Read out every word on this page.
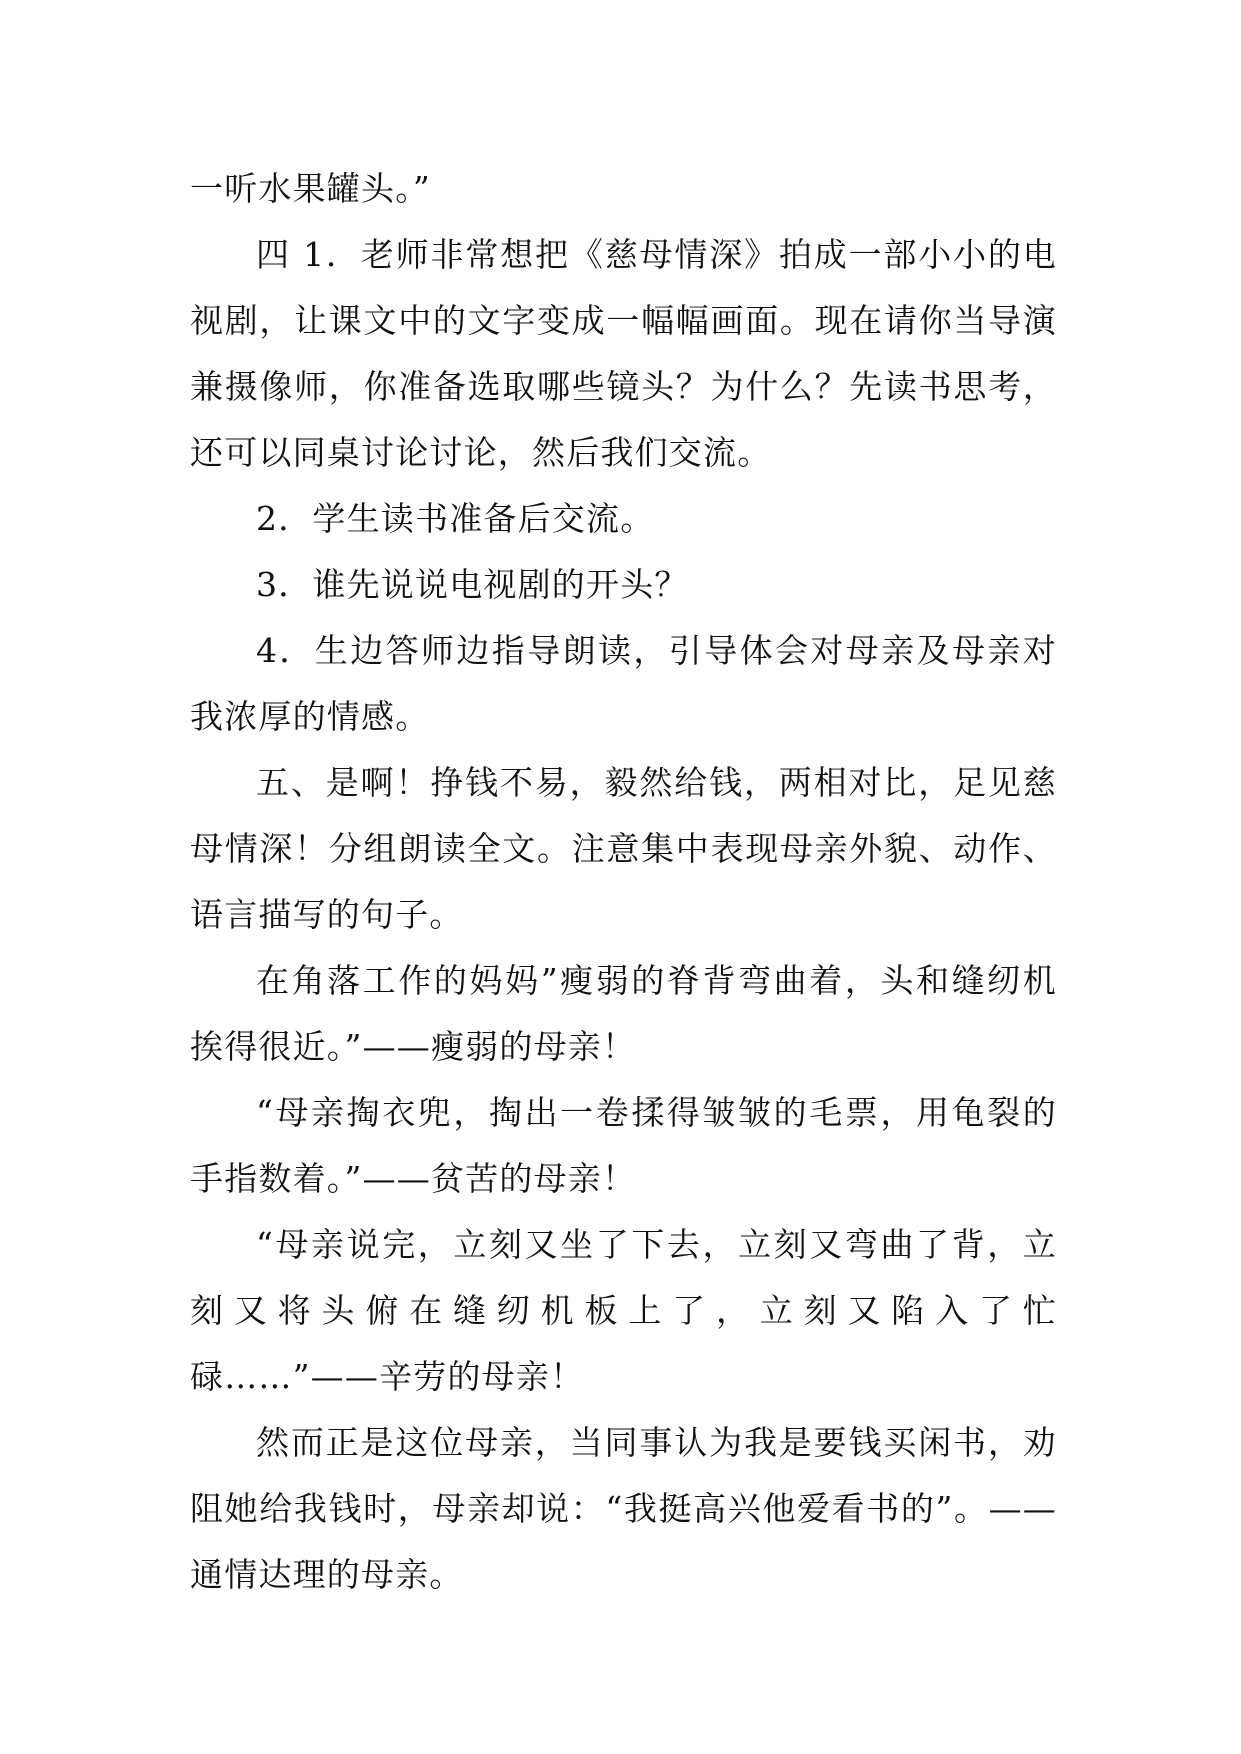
一听水果罐头。”

四 1．老师非常想把《慈母情深》拍成一部小小的电视剧，让课文中的文字变成一幅幅画面。现在请你当导演兼摄像师，你准备选取哪些镜头？为什么？先读书思考，还可以同桌讨论讨论，然后我们交流。

2．学生读书准备后交流。

3．谁先说说电视剧的开头？

4．生边答师边指导朗读，引导体会对母亲及母亲对我浓厚的情感。

五、是啊！挣钱不易，毅然给钱，两相对比，足见慈母情深！分组朗读全文。注意集中表现母亲外貌、动作、语言描写的句子。

在角落工作的妈妈”瘦弱的脊背弯曲着，头和缝纫机挨得很近。”——瘦弱的母亲！

“母亲掏衣兜，掏出一卷揉得皱皱的毛票，用龟裂的手指数着。”——贫苦的母亲！

“母亲说完，立刻又坐了下去，立刻又弯曲了背，立刻又将头俯在缝纫机板上了，立刻又陷入了忙碌……”——辛劳的母亲！

然而正是这位母亲，当同事认为我是要钱买闲书，劝阻她给我钱时，母亲却说：“我挺高兴他爱看书的”。——通情达理的母亲。
